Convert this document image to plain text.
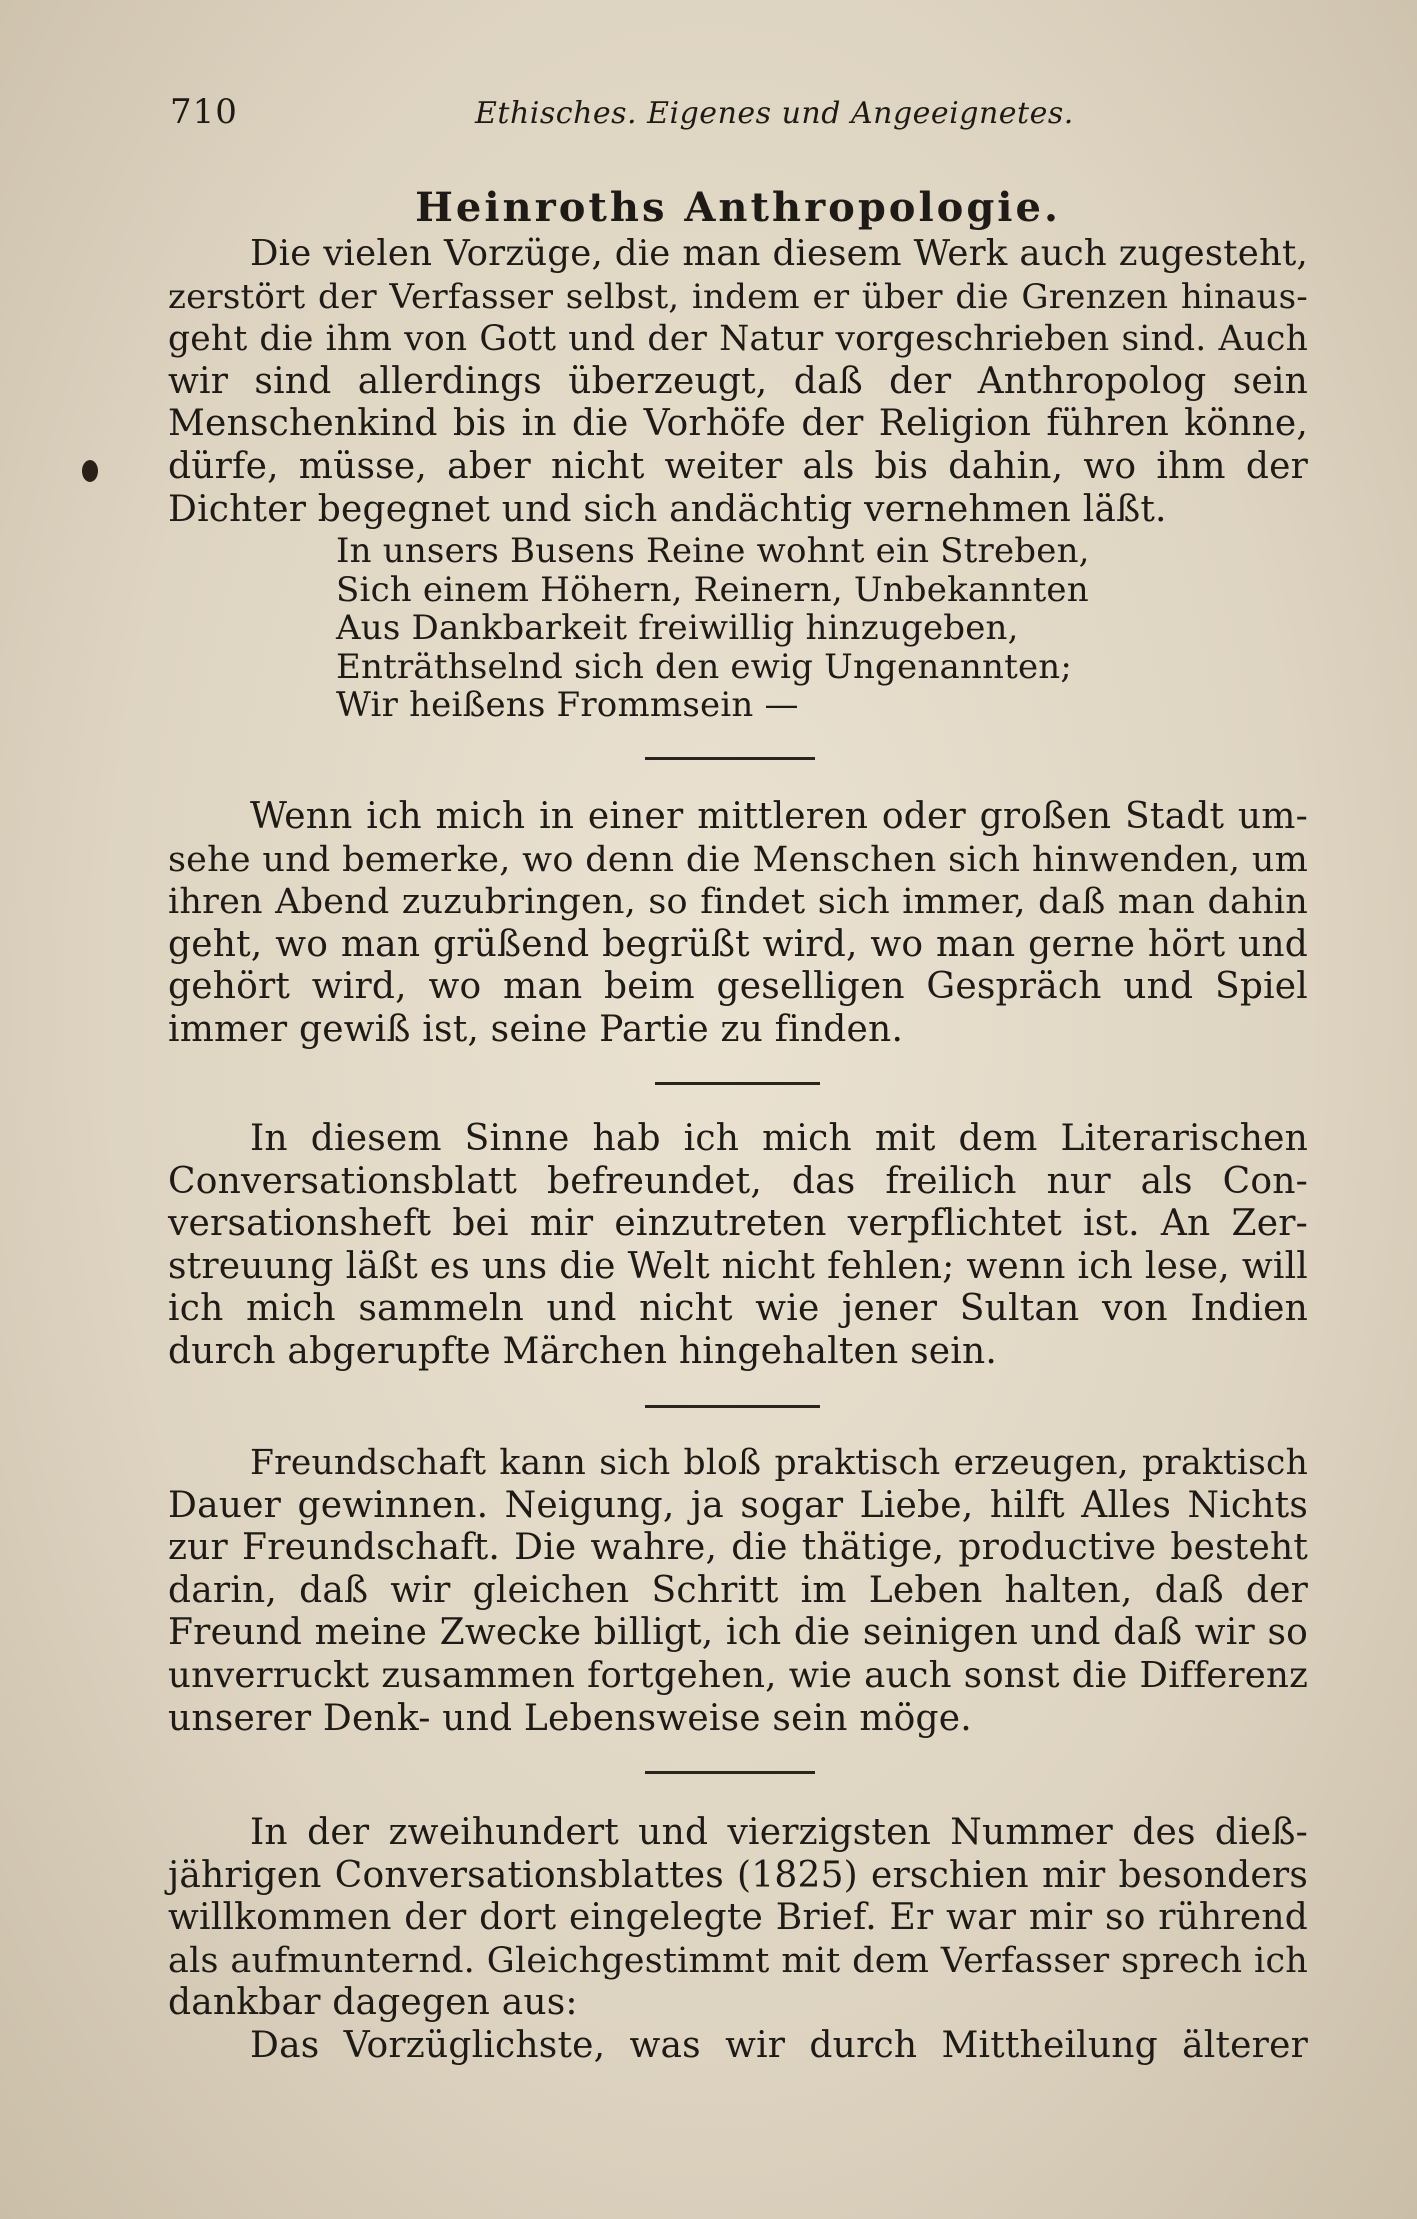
710	Ethisches. Eigenes und Angeeignetes.
Heinroths Anthropologie.
Die vielen Vorzüge, die man diesem Werk auch zugesteht,
zerstört der Verfasser selbst, indem er über die Grenzen hinaus-
geht die ihm von Gott und der Natur vorgeschrieben sind. Auch
wir sind allerdings überzeugt, daß der Anthropolog sein
Menschenkind bis in die Vorhöfe der Religion führen könne,
dürfe, müsse, aber nicht weiter als bis dahin, wo ihm der
Dichter begegnet und sich andächtig vernehmen läßt.
In unsers Busens Reine wohnt ein Streben,
Sich einem Höhern, Reinern, Unbekannten
Aus Dankbarkeit freiwillig hinzugeben,
Enträthselnd sich den ewig Ungenannten;
Wir heißens Frommsein —
Wenn ich mich in einer mittleren oder großen Stadt um-
sehe und bemerke, wo denn die Menschen sich hinwenden, um
ihren Abend zuzubringen, so findet sich immer, daß man dahin
geht, wo man grüßend begrüßt wird, wo man gerne hört und
gehört wird, wo man beim geselligen Gespräch und Spiel
immer gewiß ist, seine Partie zu finden.
In diesem Sinne hab ich mich mit dem Literarischen
Conversationsblatt befreundet, das freilich nur als Con-
versationsheft bei mir einzutreten verpflichtet ist. An Zer-
streuung läßt es uns die Welt nicht fehlen; wenn ich lese, will
ich mich sammeln und nicht wie jener Sultan von Indien
durch abgerupfte Märchen hingehalten sein.
Freundschaft kann sich bloß praktisch erzeugen, praktisch
Dauer gewinnen. Neigung, ja sogar Liebe, hilft Alles Nichts
zur Freundschaft. Die wahre, die thätige, productive besteht
darin, daß wir gleichen Schritt im Leben halten, daß der
Freund meine Zwecke billigt, ich die seinigen und daß wir so
unverruckt zusammen fortgehen, wie auch sonst die Differenz
unserer Denk- und Lebensweise sein möge.
In der zweihundert und vierzigsten Nummer des dieß-
jährigen Conversationsblattes (1825) erschien mir besonders
willkommen der dort eingelegte Brief. Er war mir so rührend
als aufmunternd. Gleichgestimmt mit dem Verfasser sprech ich
dankbar dagegen aus:
Das Vorzüglichste, was wir durch Mittheilung älterer
